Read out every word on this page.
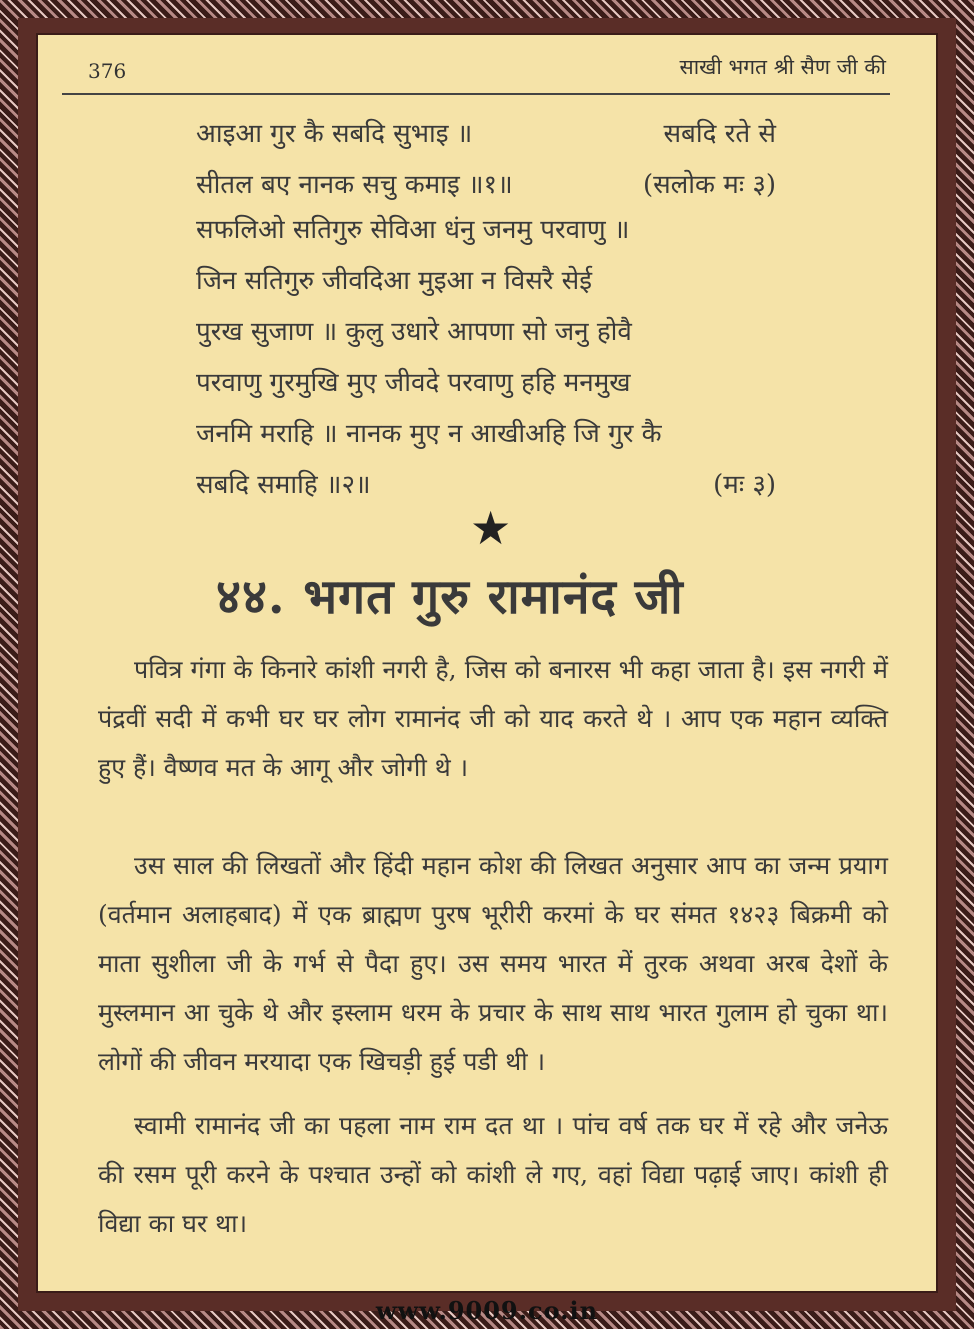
376	साखी भगत श्री सैण जी की
आइआ गुर कै सबदि सुभाइ ॥	सबदि रते से
सीतल बए नानक सचु कमाइ ॥१॥	(सलोक मः ३)
सफलिओ सतिगुरु सेविआ धंनु जनमु परवाणु ॥
जिन सतिगुरु जीवदिआ मुइआ न विसरै सेई
पुरख सुजाण ॥ कुलु उधारे आपणा सो जनु होवै
परवाणु गुरमुखि मुए जीवदे परवाणु हहि मनमुख
जनमि मराहि ॥ नानक मुए न आखीअहि जि गुर कै
सबदि समाहि ॥२॥	(मः ३)
★
४४. भगत गुरु रामानंद जी
पवित्र गंगा के किनारे कांशी नगरी है, जिस को बनारस भी कहा जाता है। इस नगरी में पंद्रवीं सदी में कभी घर घर लोग रामानंद जी को याद करते थे । आप एक महान व्यक्ति हुए हैं। वैष्णव मत के आगू और जोगी थे ।
उस साल की लिखतों और हिंदी महान कोश की लिखत अनुसार आप का जन्म प्रयाग (वर्तमान अलाहबाद) में एक ब्राह्मण पुरष भूरीरी करमां के घर संमत १४२३ बिक्रमी को माता सुशीला जी के गर्भ से पैदा हुए। उस समय भारत में तुरक अथवा अरब देशों के मुस्लमान आ चुके थे और इस्लाम धरम के प्रचार के साथ साथ भारत गुलाम हो चुका था। लोगों की जीवन मरयादा एक खिचड़ी हुई पडी थी ।
स्वामी रामानंद जी का पहला नाम राम दत था । पांच वर्ष तक घर में रहे और जनेऊ की रसम पूरी करने के पश्चात उन्हों को कांशी ले गए, वहां विद्या पढ़ाई जाए। कांशी ही विद्या का घर था।
www.9009.co.in
